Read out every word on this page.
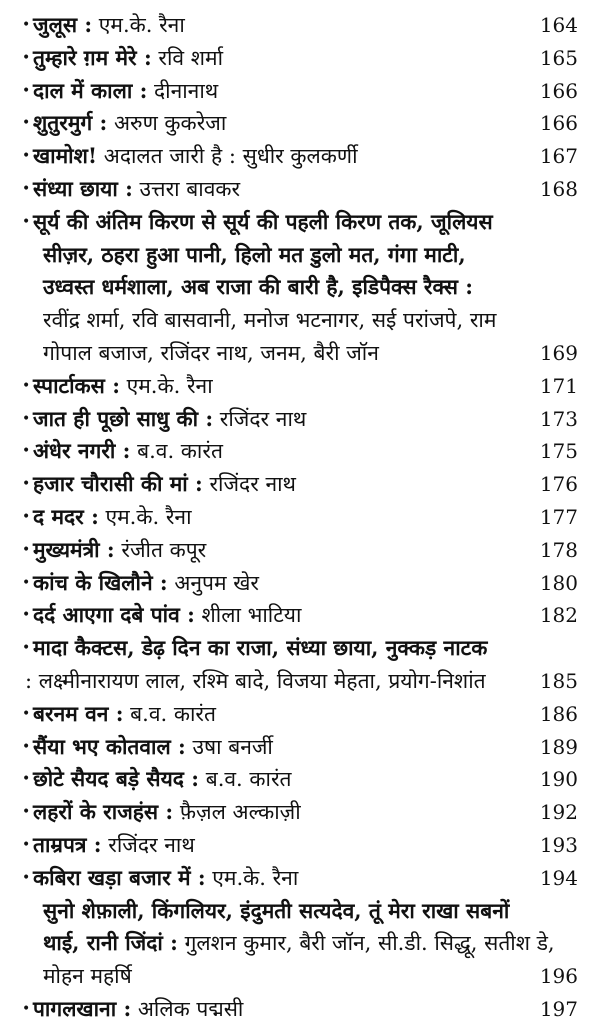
• जुलूस : एम.के. रैना	164
• तुम्हारे ग़म मेरे : रवि शर्मा	165
• दाल में काला : दीनानाथ	166
• शुतुरमुर्ग : अरुण कुकरेजा	166
• खामोश! अदालत जारी है : सुधीर कुलकर्णी	167
• संध्या छाया : उत्तरा बावकर	168
• सूर्य की अंतिम किरण से सूर्य की पहली किरण तक, जूलियस
सीज़र, ठहरा हुआ पानी, हिलो मत डुलो मत, गंगा माटी,
उध्वस्त धर्मशाला, अब राजा की बारी है, इडिपैक्स रैक्स :
रवींद्र शर्मा, रवि बासवानी, मनोज भटनागर, सई परांजपे, राम
गोपाल बजाज, रजिंदर नाथ, जनम, बैरी जॉन	169
• स्पार्टाकस : एम.के. रैना	171
• जात ही पूछो साधु की : रजिंदर नाथ	173
• अंधेर नगरी : ब.व. कारंत	175
• हजार चौरासी की मां : रजिंदर नाथ	176
• द मदर : एम.के. रैना	177
• मुख्यमंत्री : रंजीत कपूर	178
• कांच के खिलौने : अनुपम खेर	180
• दर्द आएगा दबे पांव : शीला भाटिया	182
• मादा कैक्टस, डेढ़ दिन का राजा, संध्या छाया, नुक्कड़ नाटक
: लक्ष्मीनारायण लाल, रश्मि बादे, विजया मेहता, प्रयोग-निशांत	185
• बरनम वन : ब.व. कारंत	186
• सैंया भए कोतवाल : उषा बनर्जी	189
• छोटे सैयद बड़े सैयद : ब.व. कारंत	190
• लहरों के राजहंस : फ़ैज़ल अल्काज़ी	192
• ताम्रपत्र : रजिंदर नाथ	193
• कबिरा खड़ा बजार में : एम.के. रैना	194
सुनो शेफ़ाली, किंगलियर, इंदुमती सत्यदेव, तूं मेरा राखा सबनों
थाई, रानी जिंदां : गुलशन कुमार, बैरी जॉन, सी.डी. सिद्धू, सतीश डे,
मोहन महर्षि	196
• पागलखाना : अलिक पद्मसी	197
